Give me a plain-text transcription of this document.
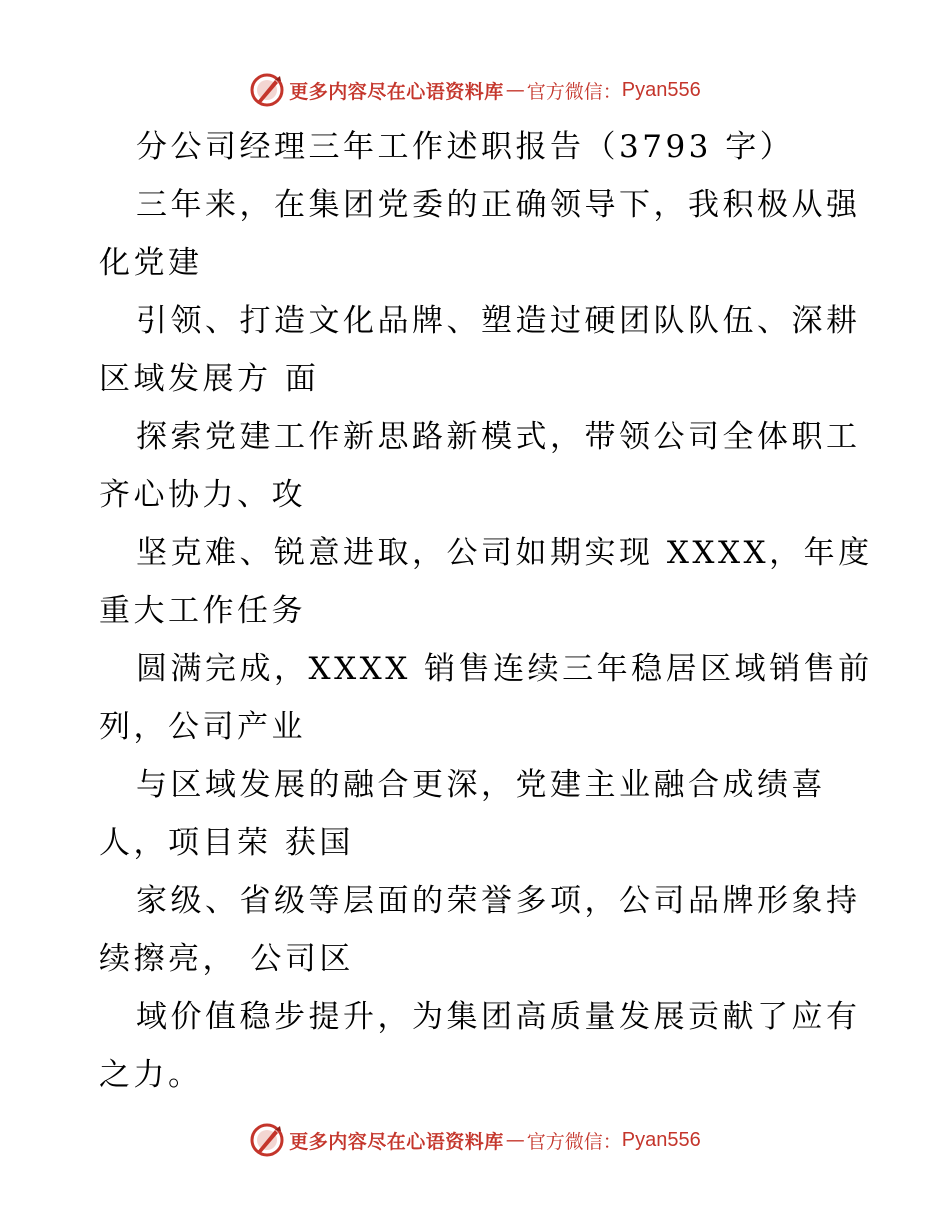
更多内容尽在心语资料库 — 官方微信： Pyan556
分公司经理三年工作述职报告（3793 字）
三年来，在集团党委的正确领导下，我积极从强
化党建
引领、打造文化品牌、塑造过硬团队队伍、深耕
区域发展方 面
探索党建工作新思路新模式，带领公司全体职工
齐心协力、攻
坚克难、锐意进取，公司如期实现 XXXX，年度
重大工作任务
圆满完成，XXXX 销售连续三年稳居区域销售前
列，公司产业
与区域发展的融合更深，党建主业融合成绩喜
人，项目荣 获国
家级、省级等层面的荣誉多项，公司品牌形象持
续擦亮， 公司区
域价值稳步提升，为集团高质量发展贡献了应有
之力。
更多内容尽在心语资料库 — 官方微信： Pyan556
